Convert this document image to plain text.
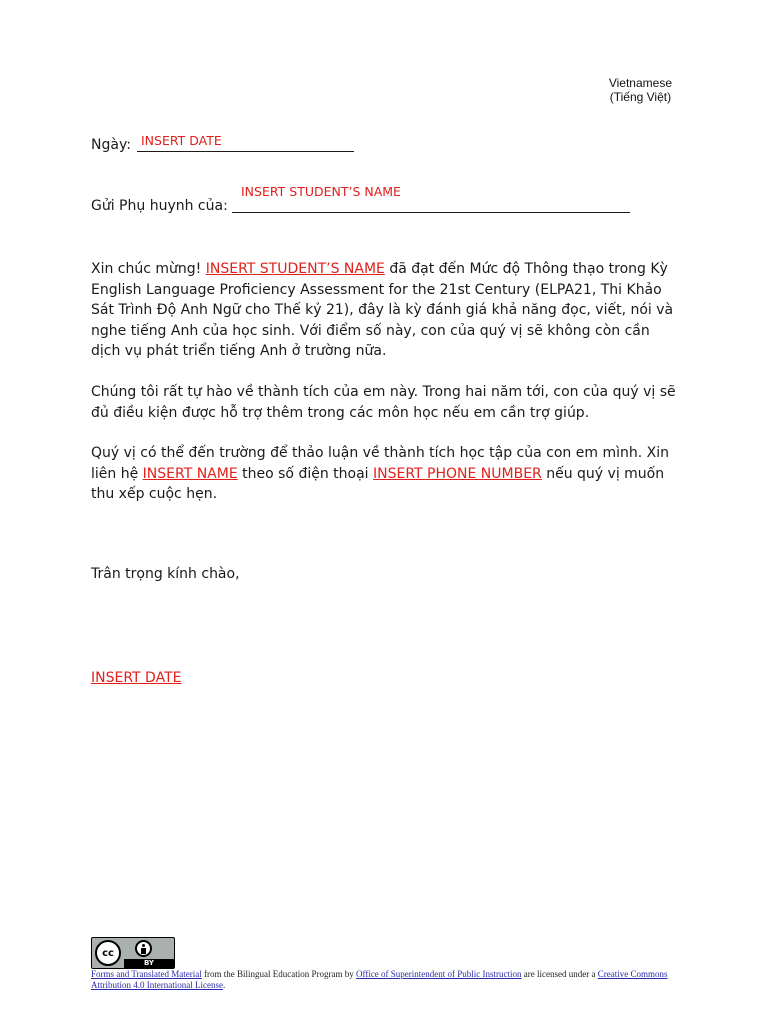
Vietnamese
(Tiếng Việt)
Ngày: INSERT DATE
Gửi Phụ huynh của:
INSERT STUDENT’S NAME
Xin chúc mừng! INSERT STUDENT’S NAME đã đạt đến Mức độ Thông thạo trong Kỳ English Language Proficiency Assessment for the 21st Century (ELPA21, Thi Khảo Sát Trình Độ Anh Ngữ cho Thế kỷ 21), đây là kỳ đánh giá khả năng đọc, viết, nói và nghe tiếng Anh của học sinh. Với điểm số này, con của quý vị sẽ không còn cần dịch vụ phát triển tiếng Anh ở trường nữa.
Chúng tôi rất tự hào về thành tích của em này. Trong hai năm tới, con của quý vị sẽ đủ điều kiện được hỗ trợ thêm trong các môn học nếu em cần trợ giúp.
Quý vị có thể đến trường để thảo luận về thành tích học tập của con em mình. Xin liên hệ INSERT NAME theo số điện thoại INSERT PHONE NUMBER nếu quý vị muốn thu xếp cuộc hẹn.
Trân trọng kính chào,
INSERT DATE
cc
BY
Forms and Translated Material from the Bilingual Education Program by Office of Superintendent of Public Instruction are licensed under a Creative Commons Attribution 4.0 International License.
